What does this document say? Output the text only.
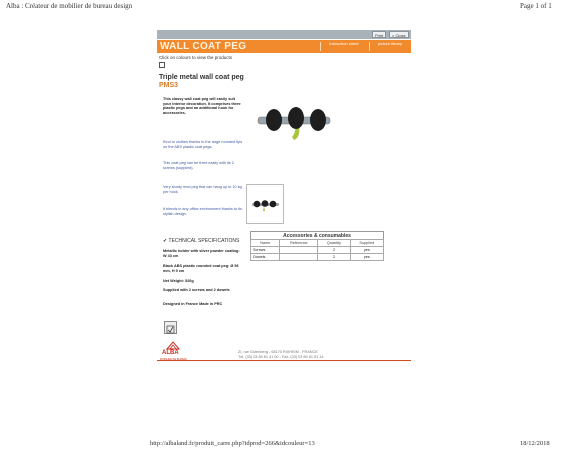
Alba : Créateur de mobilier de bureau design	Page 1 of 1
http://albaland.fr/produit_carre.php?idprod=266&idcouleur=13	18/12/2018
Print	× Close
WALL COAT PEG	instruction sheet	picture library
Click on colours to view the products
Triple metal wall coat peg
PMS3
This classy wall coat peg will easily suit your interior decoration. It comprises three plastic pegs and an additional hook for accessories.
Kind to clothes thanks to the large rounded tips on the ABS plastic coat pegs.
This coat peg can be fixed easily with its 2 screws (supplied).
Very sturdy mod peg that can hang up to 10 kg per hook.
It blends in any office environment thanks to its stylish design.
✔ TECHNICAL SPECIFICATIONS
Metallic holder with silver powder coating: W 43 cm
Black ABS plastic rounded coat peg: Ø 56 mm, H 9 cm
Net Weight: 520g
Supplied with 2 screws and 2 dowels
Designed in France Made in PRC
Accessories & consumables			
Name	Reference	Quantity	Supplied
Screws		2	yes
Dowels		2	yes
ALBA	ZI, rue Gutenberg - 68170 RIXHEIM - FRANCE
Tél. (33) 03 89 61 41 00 - Fax. (33) 03 89 61 51 14
